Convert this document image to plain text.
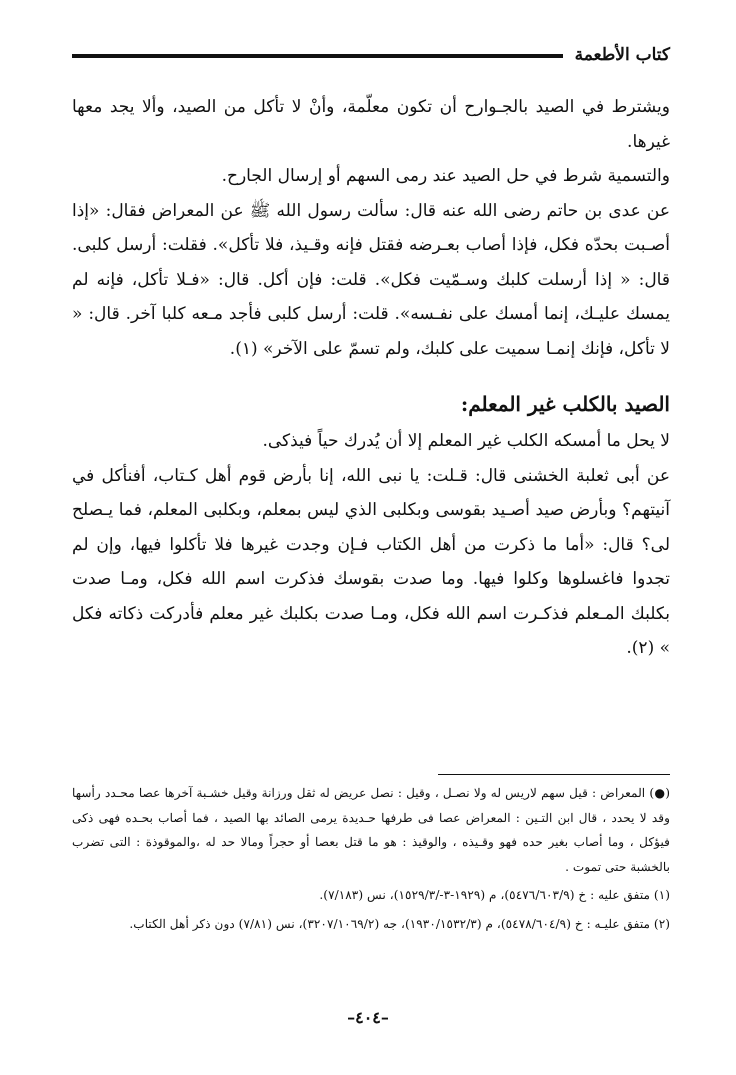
كتاب الأطعمة

ويشترط في الصيد بالجـوارح أن تكون معلّمة، وأنْ لا تأكل من الصيد، وألا يجد معها غيرها.

والتسمية شرط في حل الصيد عند رمى السهم أو إرسال الجارح.

عن عدى بن حاتم رضى الله عنه قال: سألت رسول الله ﷺ عن المعراض فقال: «إذا أصـبت بحدّه فكل، فإذا أصاب بعـرضه فقتل فإنه وقـيذ، فلا تأكل». فقلت: أرسل كلبى. قال: « إذا أرسلت كلبك وسـمّيت فكل». قلت: فإن أكل. قال: «فـلا تأكل، فإنه لم يمسك عليـك، إنما أمسك على نفـسه». قلت: أرسل كلبى فأجد مـعه كلبا آخر. قال: « لا تأكل، فإنك إنمـا سميت على كلبك، ولم تسمّ على الآخر» (١).

الصيد بالكلب غير المعلم:

لا يحل ما أمسكه الكلب غير المعلم إلا أن يُدرك حياً فيذكى.

عن أبى ثعلبة الخشنى قال: قـلت: يا نبى الله، إنا بأرض قوم أهل كـتاب، أفنأكل في آنيتهم؟ وبأرض صيد أصـيد بقوسى وبكلبى الذي ليس بمعلم، وبكلبى المعلم، فما يـصلح لى؟ قال: «أما ما ذكرت من أهل الكتاب فـإن وجدت غيرها فلا تأكلوا فيها، وإن لم تجدوا فاغسلوها وكلوا فيها. وما صدت بقوسك فذكرت اسم الله فكل، ومـا صدت بكلبك المـعلم فذكـرت اسم الله فكل، ومـا صدت بكلبك غير معلم فأدركت ذكاته فكل » (٢).

(●) المعراض : قيل سهم لاريس له ولا نصـل ، وقيل : نصل عريض له ثقل ورزانة وقيل خشـبة آخرها عصا محـدد رأسها وقد لا يحدد ، قال ابن التـين : المعراض عصا فى طرفها حـديدة يرمى الصائد بها الصيد ، فما أصاب بحـده فهى ذكى فيؤكل ، وما أصاب بغير حده فهو وقـيذه ، والوقيذ : هو ما قتل بعصا أو حجراً ومالا حد له ،والموقوذة : التى تضرب بالخشبة حتى تموت .

(١) متفق عليه : خ (٥٤٧٦/٦٠٣/٩)، م (١٩٢٩-٣-/١٥٢٩/٣)، نس (٧/١٨٣).

(٢) متفق عليـه : خ (٥٤٧٨/٦٠٤/٩)، م (١٩٣٠/١٥٣٢/٣)، جه (٣٢٠٧/١٠٦٩/٢)، نس (٧/٨١) دون ذكر أهل الكتاب.

–٤٠٤–
